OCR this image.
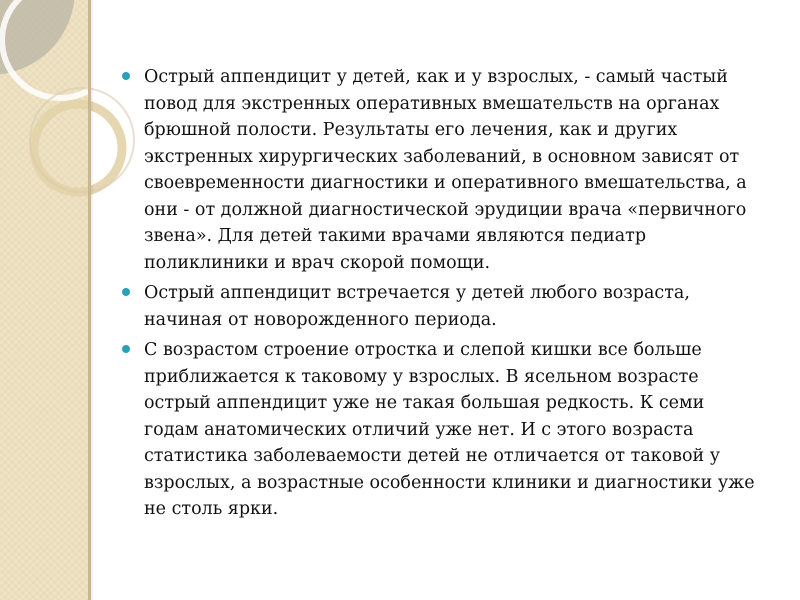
Острый аппендицит у детей, как и у взрослых, - самый частый повод для экстренных оперативных вмешательств на органах брюшной полости. Результаты его лечения, как и других экстренных хирургических заболеваний, в основном зависят от своевременности диагностики и оперативного вмешательства, а они - от должной диагностической эрудиции врача «первичного звена». Для детей такими врачами являются педиатр поликлиники и врач скорой помощи.
Острый аппендицит встречается у детей любого возраста, начиная от новорожденного периода.
С возрастом строение отростка и слепой кишки все больше приближается к таковому у взрослых. В ясельном возрасте острый аппендицит уже не такая большая редкость. К семи годам анатомических отличий уже нет. И с этого возраста статистика заболеваемости детей не отличается от таковой у взрослых, а возрастные особенности клиники и диагностики уже не столь ярки.
